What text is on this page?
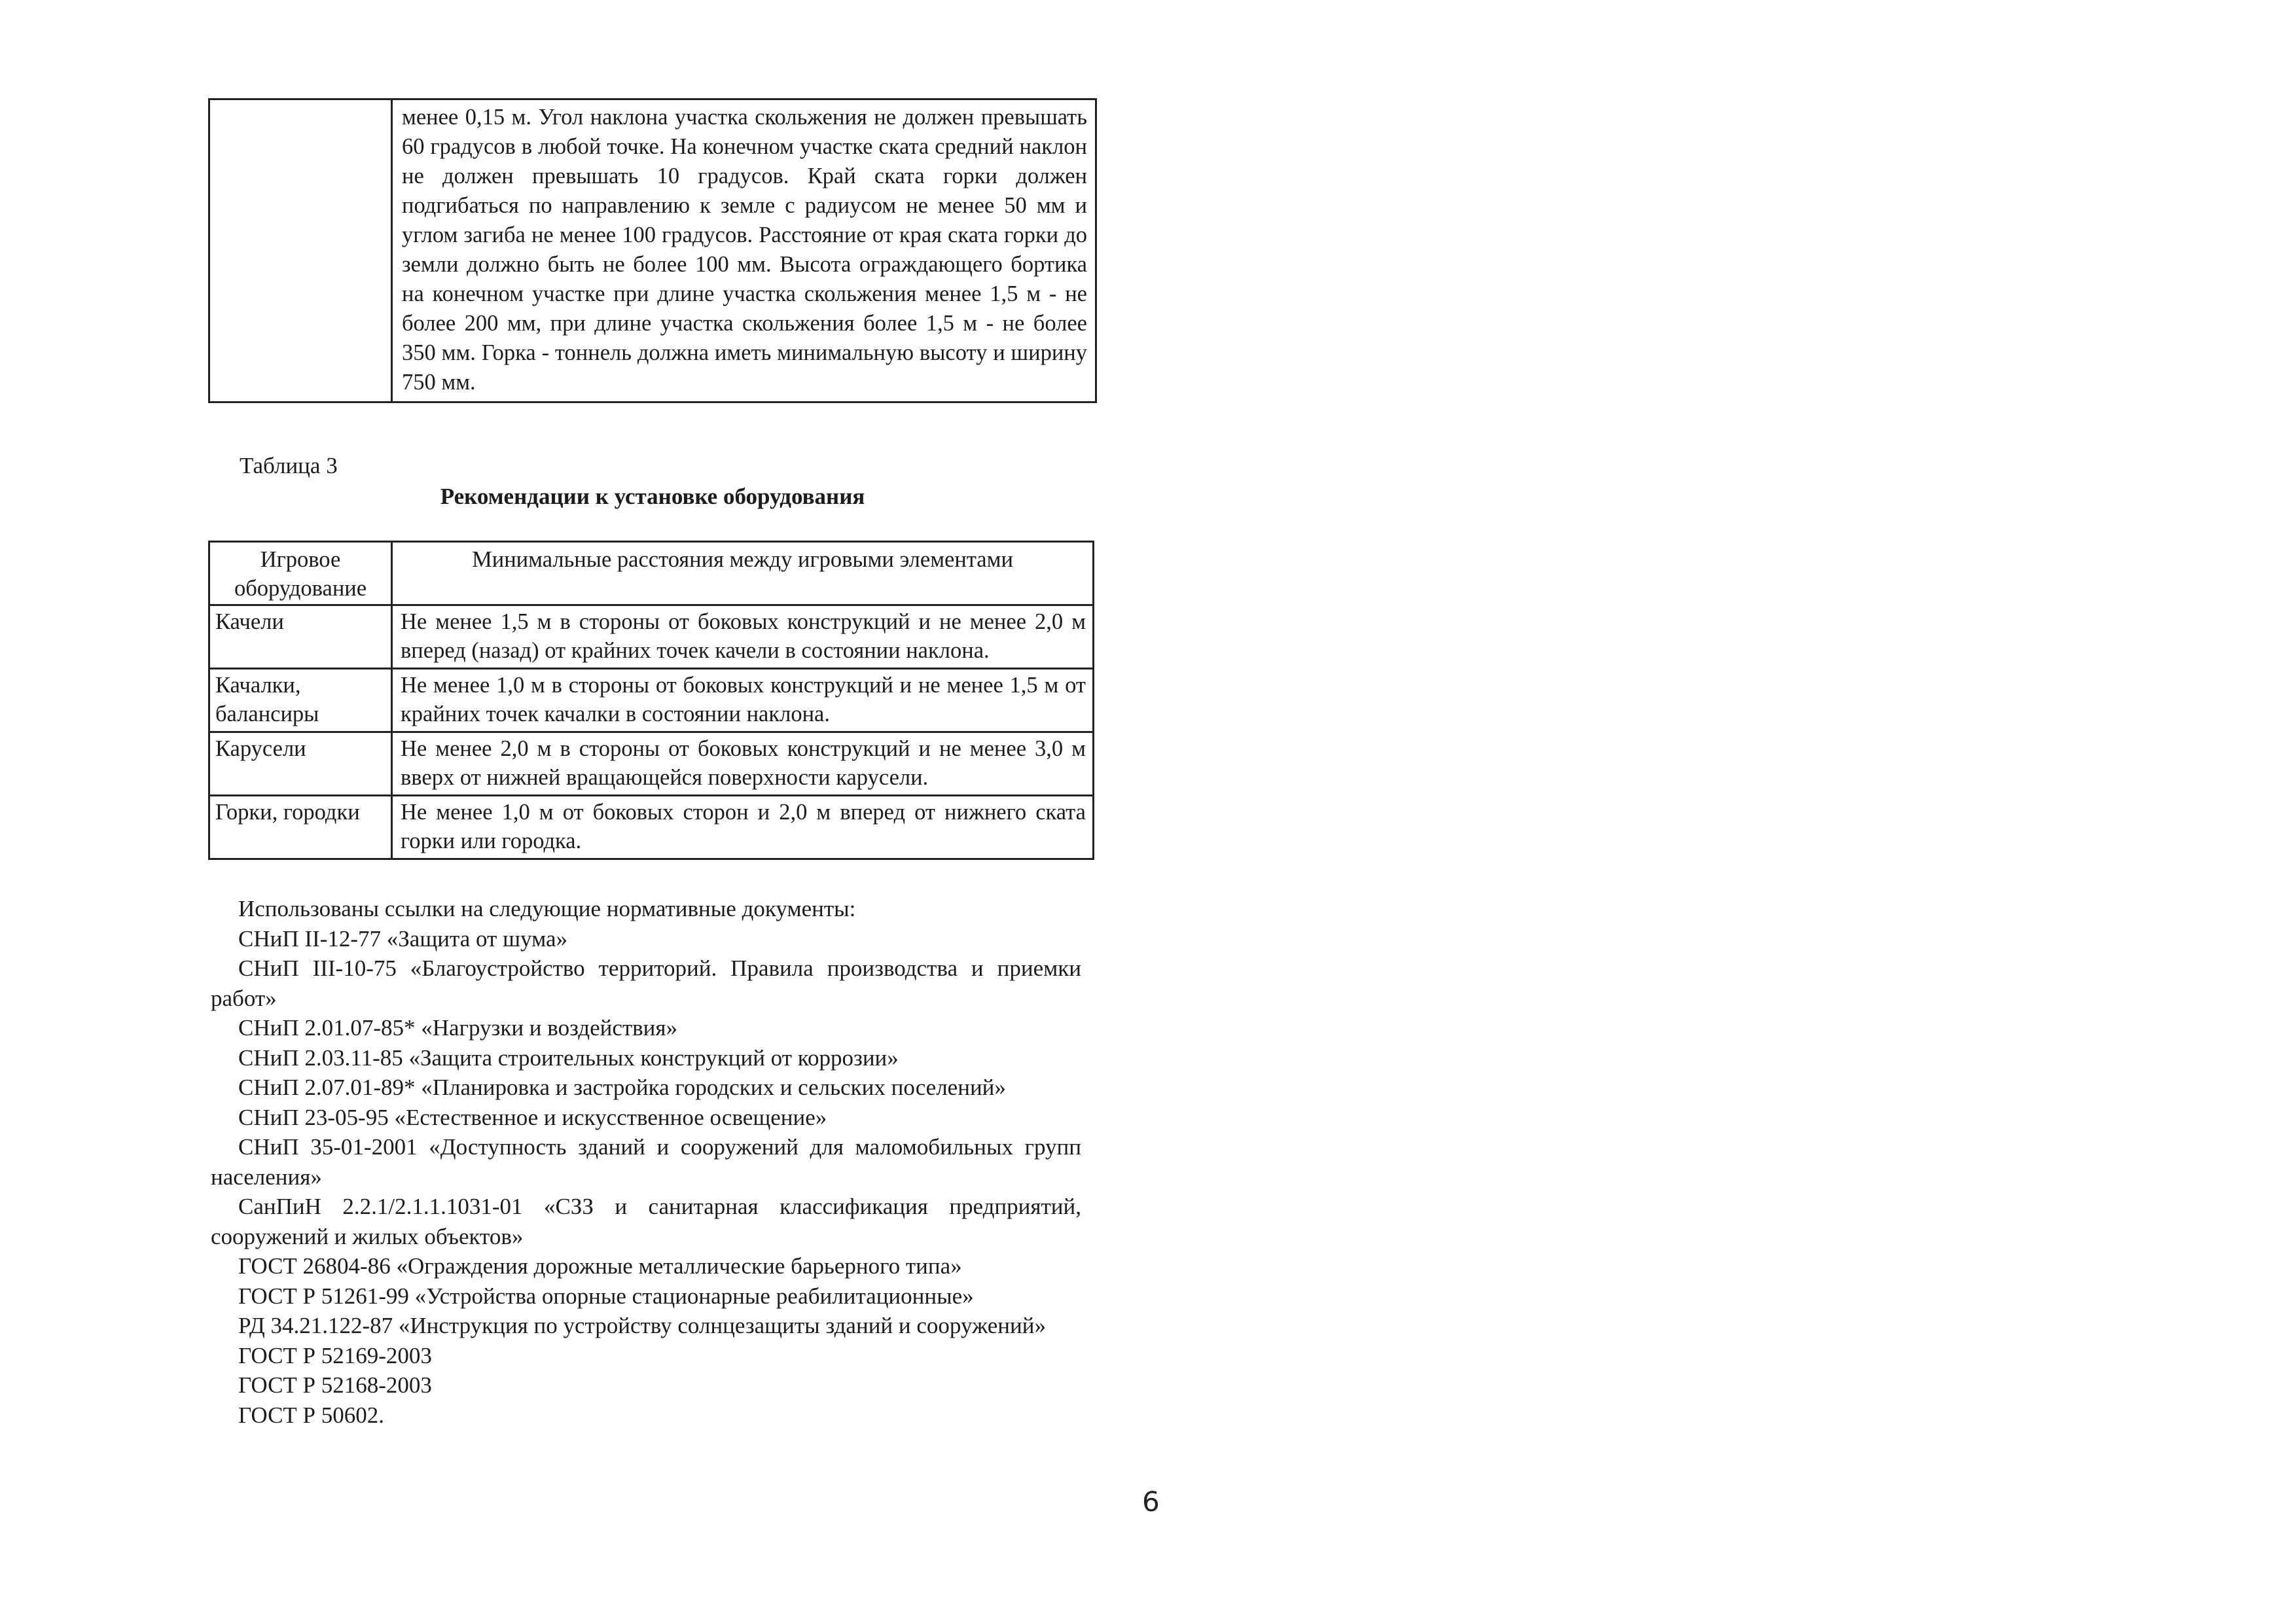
	менее 0,15 м. Угол наклона участка скольжения не должен превышать 60 градусов в любой точке. На конечном участке ската средний наклон не должен превышать 10 градусов. Край ската горки должен подгибаться по направлению к земле с радиусом не менее 50 мм и углом загиба не менее 100 градусов. Расстояние от края ската горки до земли должно быть не более 100 мм. Высота ограждающего бортика на конечном участке при длине участка скольжения менее 1,5 м - не более 200 мм, при длине участка скольжения более 1,5 м - не более 350 мм. Горка - тоннель должна иметь минимальную высоту и ширину 750 мм.
Таблица 3
Рекомендации к установке оборудования
Игровое оборудование	Минимальные расстояния между игровыми элементами
Качели	Не менее 1,5 м в стороны от боковых конструкций и не менее 2,0 м вперед (назад) от крайних точек качели в состоянии наклона.
Качалки, балансиры	Не менее 1,0 м в стороны от боковых конструкций и не менее 1,5 м от крайних точек качалки в состоянии наклона.
Карусели	Не менее 2,0 м в стороны от боковых конструкций и не менее 3,0 м вверх от нижней вращающейся поверхности карусели.
Горки, городки	Не менее 1,0 м от боковых сторон и 2,0 м вперед от нижнего ската горки или городка.

Использованы ссылки на следующие нормативные документы:

СНиП II-12-77 «Защита от шума»

СНиП III-10-75 «Благоустройство территорий. Правила производства и приемки работ»

СНиП 2.01.07-85* «Нагрузки и воздействия»

СНиП 2.03.11-85 «Защита строительных конструкций от коррозии»

СНиП 2.07.01-89* «Планировка и застройка городских и сельских поселений»

СНиП 23-05-95 «Естественное и искусственное освещение»

СНиП 35-01-2001 «Доступность зданий и сооружений для маломобильных групп населения»

СанПиН 2.2.1/2.1.1.1031-01 «СЗЗ и санитарная классификация предприятий, сооружений и жилых объектов»

ГОСТ 26804-86 «Ограждения дорожные металлические барьерного типа»

ГОСТ Р 51261-99 «Устройства опорные стационарные реабилитационные»

РД 34.21.122-87 «Инструкция по устройству солнцезащиты зданий и сооружений»

ГОСТ Р 52169-2003

ГОСТ Р 52168-2003

ГОСТ Р 50602.

6
